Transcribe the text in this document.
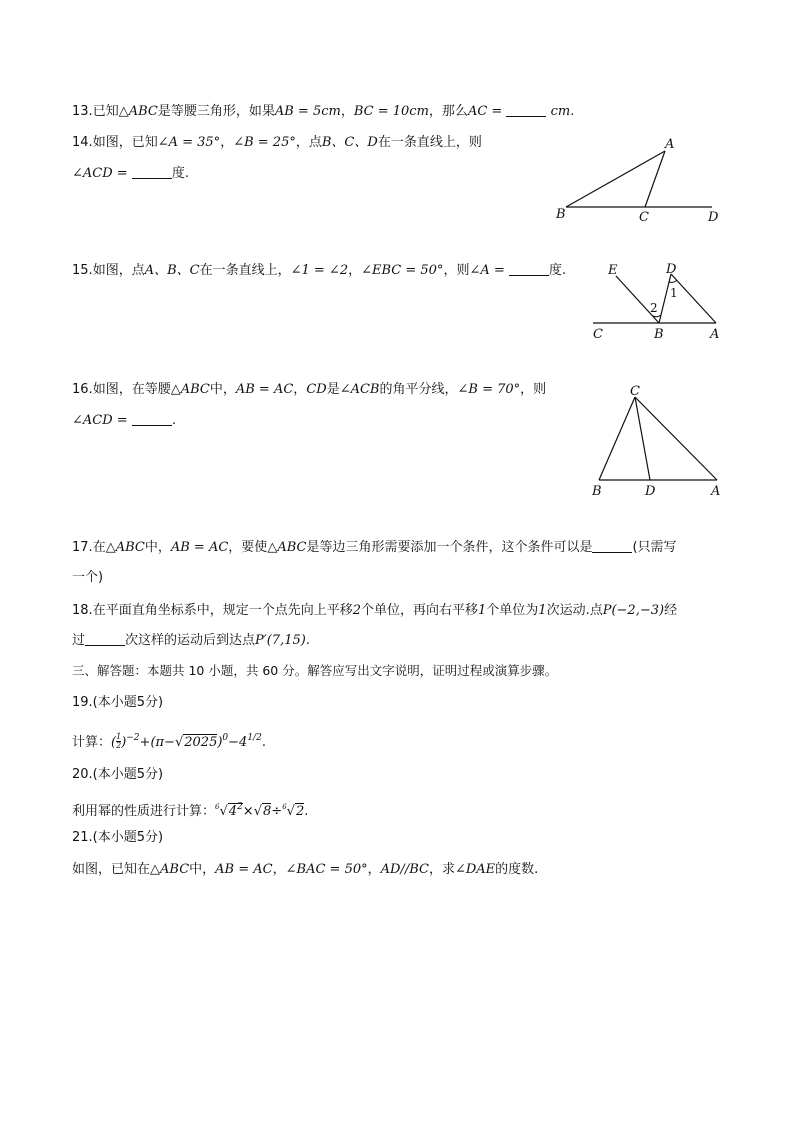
13.已知△ABC是等腰三角形，如果AB = 5cm，BC = 10cm，那么AC =	cm.
14.如图，已知∠A = 35°，∠B = 25°，点B、C、D在一条直线上，则
∠ACD =	度.
A
B	C	D
15.如图，点A、B、C在一条直线上，∠1 = ∠2，∠EBC = 50°，则∠A =	度.	E	D
C	B	A
1
2
16.如图，在等腰△ABC中，AB = AC，CD是∠ACB的角平分线，∠B = 70°，则
∠ACD =	.
C
B	D	A
17.在△ABC中，AB = AC，要使△ABC是等边三角形需要添加一个条件，这个条件可以是	(只需写
一个)
18.在平面直角坐标系中，规定一个点先向上平移2个单位，再向右平移1个单位为1次运动.点P(−2,−3)经
过	次这样的运动后到达点P′(7,15).
三、解答题：本题共 10 小题，共 60 分。解答应写出文字说明，证明过程或演算步骤。
19.(本小题5分)
计算：( $\frac{1}{2} )^{-2}+(\pi-√2025)^0-4^{1/2}$.
20.(本小题5分)
利用幂的性质进行计算：$^6√4^2\times√8\div^6√2$.
21.(本小题5分)
如图，已知在△ABC中，AB = AC，∠BAC = 50°，AD//BC，求∠DAE的度数.
